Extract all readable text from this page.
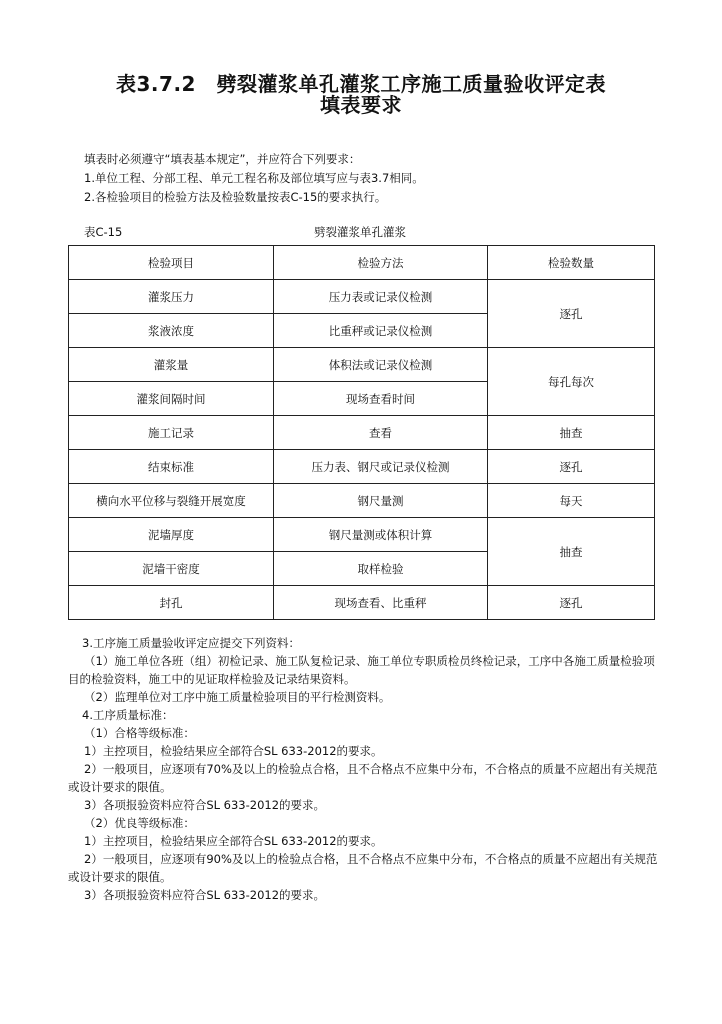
表3.7.2　劈裂灌浆单孔灌浆工序施工质量验收评定表
填表要求
填表时必须遵守“填表基本规定”，并应符合下列要求：
1.单位工程、分部工程、单元工程名称及部位填写应与表3.7相同。
2.各检验项目的检验方法及检验数量按表C-15的要求执行。
表C-15	劈裂灌浆单孔灌浆
检验项目	检验方法	检验数量
灌浆压力	压力表或记录仪检测	逐孔
浆液浓度	比重秤或记录仪检测	
灌浆量	体积法或记录仪检测	每孔每次
灌浆间隔时间	现场查看时间	
施工记录	查看	抽查
结束标准	压力表、钢尺或记录仪检测	逐孔
横向水平位移与裂缝开展宽度	钢尺量测	每天
泥墙厚度	钢尺量测或体积计算	抽查
泥墙干密度	取样检验	
封孔	现场查看、比重秤	逐孔
3.工序施工质量验收评定应提交下列资料：
（1）施工单位各班（组）初检记录、施工队复检记录、施工单位专职质检员终检记录，工序中各施工质量检验项目的检验资料，施工中的见证取样检验及记录结果资料。
（2）监理单位对工序中施工质量检验项目的平行检测资料。
4.工序质量标准：
（1）合格等级标准：
1）主控项目，检验结果应全部符合SL 633-2012的要求。
2）一般项目，应逐项有70%及以上的检验点合格，且不合格点不应集中分布，不合格点的质量不应超出有关规范或设计要求的限值。
3）各项报验资料应符合SL 633-2012的要求。
（2）优良等级标准：
1）主控项目，检验结果应全部符合SL 633-2012的要求。
2）一般项目，应逐项有90%及以上的检验点合格，且不合格点不应集中分布，不合格点的质量不应超出有关规范或设计要求的限值。
3）各项报验资料应符合SL 633-2012的要求。
